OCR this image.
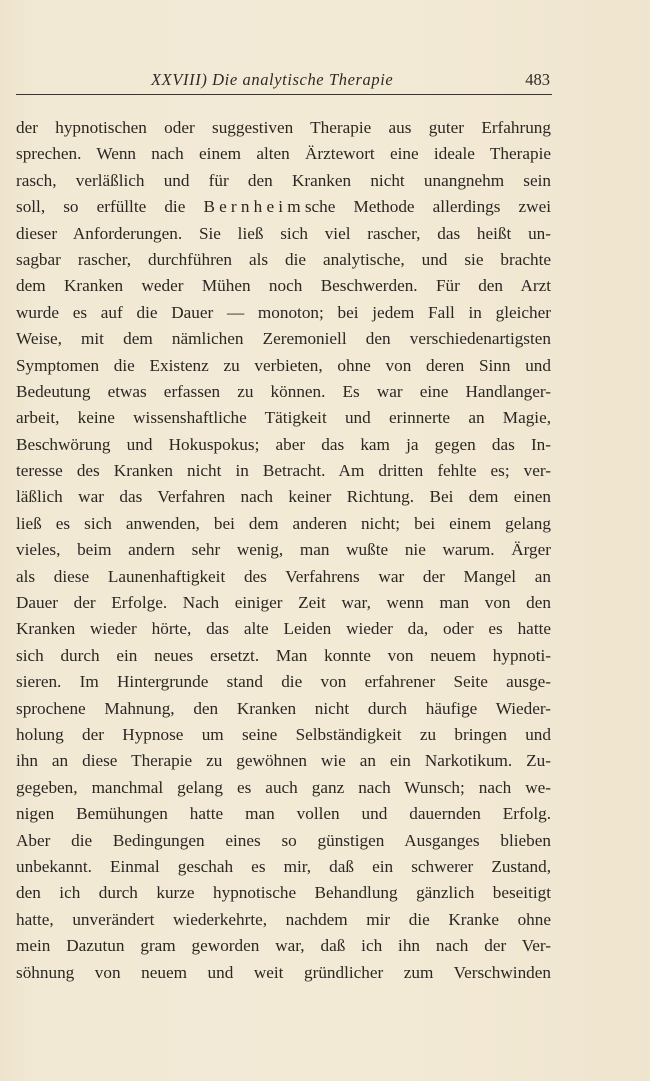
XXVIII) Die analytische Therapie	483
der hypnotischen oder suggestiven Therapie aus guter Erfahrung
sprechen. Wenn nach einem alten Ärztewort eine ideale Therapie
rasch, verläßlich und für den Kranken nicht unangnehm sein
soll, so erfüllte die Bernheimsche Methode allerdings zwei
dieser Anforderungen. Sie ließ sich viel rascher, das heißt un-
sagbar rascher, durchführen als die analytische, und sie brachte
dem Kranken weder Mühen noch Beschwerden. Für den Arzt
wurde es auf die Dauer — monoton; bei jedem Fall in gleicher
Weise, mit dem nämlichen Zeremoniell den verschiedenartigsten
Symptomen die Existenz zu verbieten, ohne von deren Sinn und
Bedeutung etwas erfassen zu können. Es war eine Handlanger-
arbeit, keine wissenshaftliche Tätigkeit und erinnerte an Magie,
Beschwörung und Hokuspokus; aber das kam ja gegen das In-
teresse des Kranken nicht in Betracht. Am dritten fehlte es; ver-
läßlich war das Verfahren nach keiner Richtung. Bei dem einen
ließ es sich anwenden, bei dem anderen nicht; bei einem gelang
vieles, beim andern sehr wenig, man wußte nie warum. Ärger
als diese Launenhaftigkeit des Verfahrens war der Mangel an
Dauer der Erfolge. Nach einiger Zeit war, wenn man von den
Kranken wieder hörte, das alte Leiden wieder da, oder es hatte
sich durch ein neues ersetzt. Man konnte von neuem hypnoti-
sieren. Im Hintergrunde stand die von erfahrener Seite ausge-
sprochene Mahnung, den Kranken nicht durch häufige Wieder-
holung der Hypnose um seine Selbständigkeit zu bringen und
ihn an diese Therapie zu gewöhnen wie an ein Narkotikum. Zu-
gegeben, manchmal gelang es auch ganz nach Wunsch; nach we-
nigen Bemühungen hatte man vollen und dauernden Erfolg.
Aber die Bedingungen eines so günstigen Ausganges blieben
unbekannt. Einmal geschah es mir, daß ein schwerer Zustand,
den ich durch kurze hypnotische Behandlung gänzlich beseitigt
hatte, unverändert wiederkehrte, nachdem mir die Kranke ohne
mein Dazutun gram geworden war, daß ich ihn nach der Ver-
söhnung von neuem und weit gründlicher zum Verschwinden
